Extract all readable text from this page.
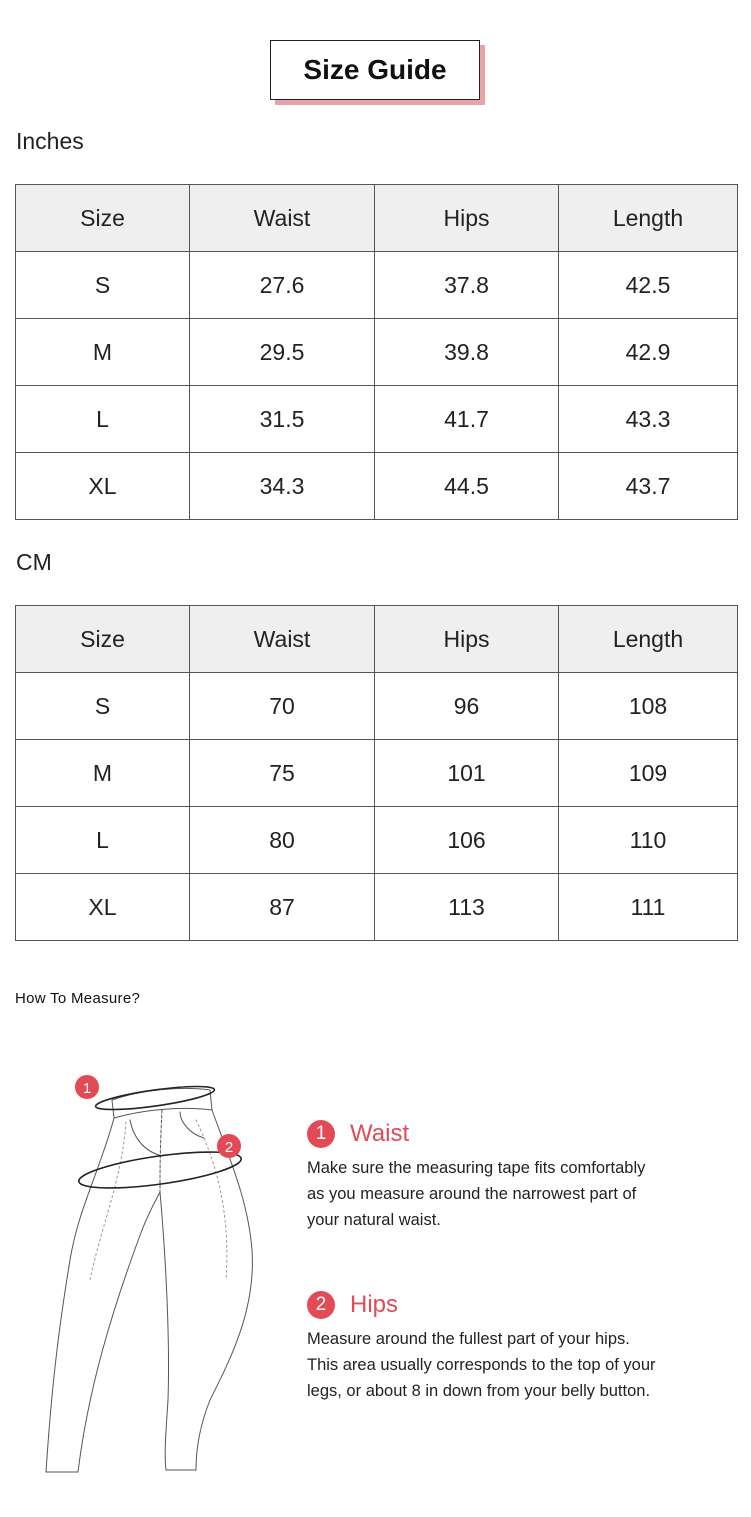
Size Guide
Inches
Size	Waist	Hips	Length
S	27.6	37.8	42.5
M	29.5	39.8	42.9
L	31.5	41.7	43.3
XL	34.3	44.5	43.7
CM
Size	Waist	Hips	Length
S	70	96	108
M	75	101	109
L	80	106	110
XL	87	113	111
How To Measure?
1
2
1 Waist

Make sure the measuring tape fits comfortably
as you measure around the narrowest part of
your natural waist.

2 Hips

Measure around the fullest part of your hips.
This area usually corresponds to the top of your
legs, or about 8 in down from your belly button.
